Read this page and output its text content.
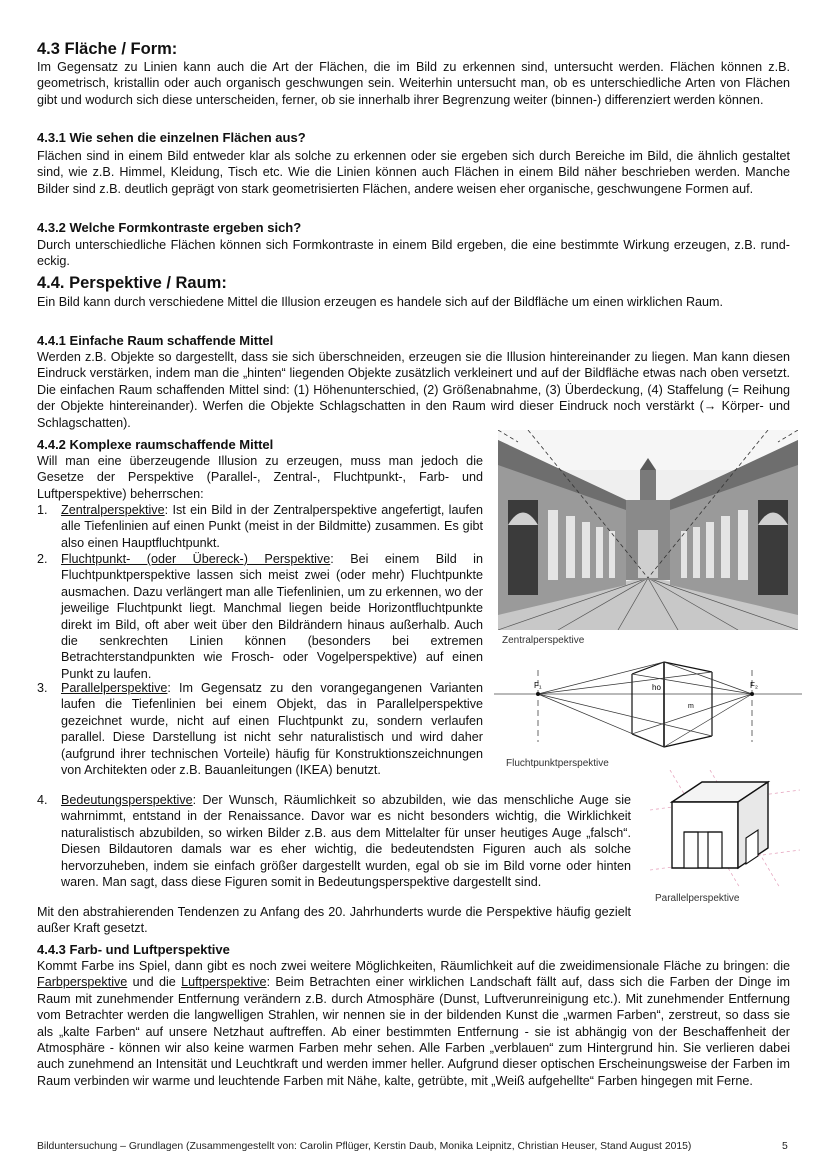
4.3 Fläche / Form:
Im Gegensatz zu Linien kann auch die Art der Flächen, die im Bild zu erkennen sind, untersucht werden. Flächen können z.B. geometrisch, kristallin oder auch organisch geschwungen sein. Weiterhin untersucht man, ob es unterschiedliche Arten von Flächen gibt und wodurch sich diese unterscheiden, ferner, ob sie innerhalb ihrer Begrenzung weiter (binnen-) differenziert werden können.
4.3.1 Wie sehen die einzelnen Flächen aus?
Flächen sind in einem Bild entweder klar als solche zu erkennen oder sie ergeben sich durch Bereiche im Bild, die ähnlich gestaltet sind, wie z.B. Himmel, Kleidung, Tisch etc. Wie die Linien können auch Flächen in einem Bild näher beschrieben werden. Manche Bilder sind z.B. deutlich geprägt von stark geometrisierten Flächen, andere weisen eher organische, geschwungene Formen auf.
4.3.2 Welche Formkontraste ergeben sich?
Durch unterschiedliche Flächen können sich Formkontraste in einem Bild ergeben, die eine bestimmte Wirkung erzeugen, z.B. rund-eckig.
4.4. Perspektive / Raum:
Ein Bild kann durch verschiedene Mittel die Illusion erzeugen es handele sich auf der Bildfläche um einen wirklichen Raum.
4.4.1 Einfache Raum schaffende Mittel
Werden z.B. Objekte so dargestellt, dass sie sich überschneiden, erzeugen sie die Illusion hintereinander zu liegen. Man kann diesen Eindruck verstärken, indem man die „hinten“ liegenden Objekte zusätzlich verkleinert und auf der Bildfläche etwas nach oben versetzt. Die einfachen Raum schaffenden Mittel sind: (1) Höhenunterschied, (2) Größenabnahme, (3) Überdeckung, (4) Staffelung (= Reihung der Objekte hintereinander). Werfen die Objekte Schlagschatten in den Raum wird dieser Eindruck noch verstärkt (→ Körper- und Schlagschatten).
4.4.2 Komplexe raumschaffende Mittel
Will man eine überzeugende Illusion zu erzeugen, muss man jedoch die Gesetze der Perspektive (Parallel-, Zentral-, Fluchtpunkt-, Farb- und Luftperspektive) beherrschen:
1. Zentralperspektive: Ist ein Bild in der Zentralperspektive angefertigt, laufen alle Tiefenlinien auf einen Punkt (meist in der Bildmitte) zusammen. Es gibt also einen Hauptfluchtpunkt.
2. Fluchtpunkt- (oder Übereck-) Perspektive: Bei einem Bild in Fluchtpunktperspektive lassen sich meist zwei (oder mehr) Fluchtpunkte ausmachen. Dazu verlängert man alle Tiefenlinien, um zu erkennen, wo der jeweilige Fluchtpunkt liegt. Manchmal liegen beide Horizontfluchtpunkte direkt im Bild, oft aber weit über den Bildrändern hinaus außerhalb. Auch die senkrechten Linien können (besonders bei extremen Betrachterstandpunkten wie Frosch- oder Vogelperspektive) auf einen Punkt zu laufen.
3. Parallelperspektive: Im Gegensatz zu den vorangegangenen Varianten laufen die Tiefenlinien bei einem Objekt, das in Parallelperspektive gezeichnet wurde, nicht auf einen Fluchtpunkt zu, sondern verlaufen parallel. Diese Darstellung ist nicht sehr naturalistisch und wird daher (aufgrund ihrer technischen Vorteile) häufig für Konstruktionszeichnungen von Architekten oder z.B. Bauanleitungen (IKEA) benutzt.
4. Bedeutungsperspektive: Der Wunsch, Räumlichkeit so abzubilden, wie das menschliche Auge sie wahrnimmt, entstand in der Renaissance. Davor war es nicht besonders wichtig, die Wirklichkeit naturalistisch abzubilden, so wirken Bilder z.B. aus dem Mittelalter für unser heutiges Auge „falsch“. Diesen Bildautoren damals war es eher wichtig, die bedeutendsten Figuren auch als solche hervorzuheben, indem sie einfach größer dargestellt wurden, egal ob sie im Bild vorne oder hinten waren. Man sagt, dass diese Figuren somit in Bedeutungsperspektive dargestellt sind.
Mit den abstrahierenden Tendenzen zu Anfang des 20. Jahrhunderts wurde die Perspektive häufig gezielt außer Kraft gesetzt.
4.4.3 Farb- und Luftperspektive
Kommt Farbe ins Spiel, dann gibt es noch zwei weitere Möglichkeiten, Räumlichkeit auf die zweidimensionale Fläche zu bringen: die Farbperspektive und die Luftperspektive: Beim Betrachten einer wirklichen Landschaft fällt auf, dass sich die Farben der Dinge im Raum mit zunehmender Entfernung verändern z.B. durch Atmosphäre (Dunst, Luftverunreinigung etc.). Mit zunehmender Entfernung vom Betrachter werden die langwelligen Strahlen, wir nennen sie in der bildenden Kunst die „warmen Farben“, zerstreut, so dass sie als „kalte Farben“ auf unsere Netzhaut auftreffen. Ab einer bestimmten Entfernung - sie ist abhängig von der Beschaffenheit der Atmosphäre - können wir also keine warmen Farben mehr sehen. Alle Farben „verblauen“ zum Hintergrund hin. Sie verlieren dabei auch zunehmend an Intensität und Leuchtkraft und werden immer heller. Aufgrund dieser optischen Erscheinungsweise der Farben im Raum verbinden wir warme und leuchtende Farben mit Nähe, kalte, getrübte, mit „Weiß aufgehellte“ Farben hingegen mit Ferne.
Zentralperspektive
F₁	F₂
ho
m
Fluchtpunktperspektive
Parallelperspektive
Bilduntersuchung – Grundlagen (Zusammengestellt von: Carolin Pflüger, Kerstin Daub, Monika Leipnitz, Christian Heuser, Stand August 2015)	5
